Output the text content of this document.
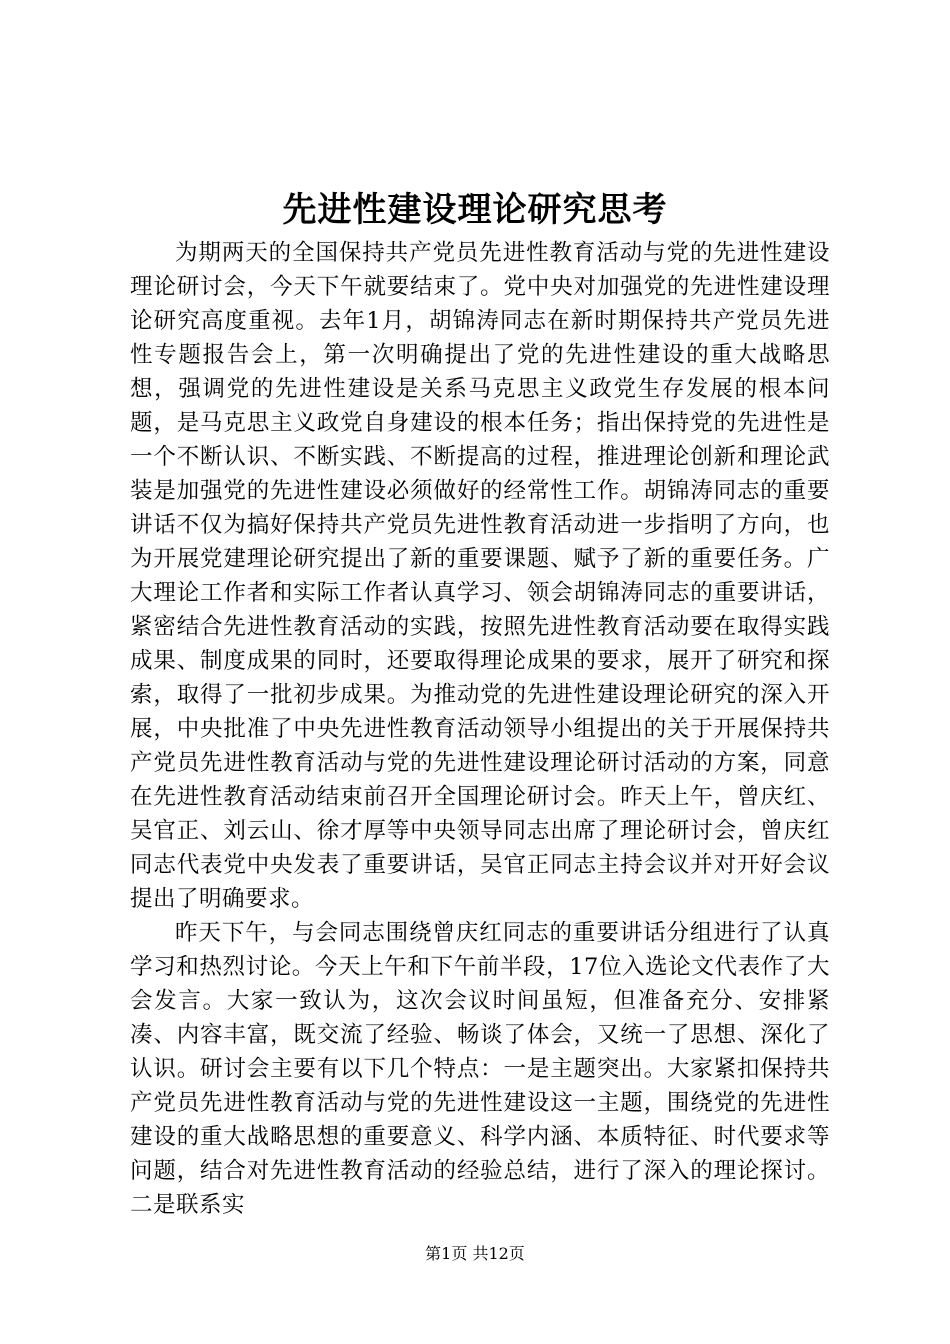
先进性建设理论研究思考

为期两天的全国保持共产党员先进性教育活动与党的先进性建设理论研讨会，今天下午就要结束了。党中央对加强党的先进性建设理论研究高度重视。去年1月，胡锦涛同志在新时期保持共产党员先进性专题报告会上，第一次明确提出了党的先进性建设的重大战略思想，强调党的先进性建设是关系马克思主义政党生存发展的根本问题，是马克思主义政党自身建设的根本任务；指出保持党的先进性是一个不断认识、不断实践、不断提高的过程，推进理论创新和理论武装是加强党的先进性建设必须做好的经常性工作。胡锦涛同志的重要讲话不仅为搞好保持共产党员先进性教育活动进一步指明了方向，也为开展党建理论研究提出了新的重要课题、赋予了新的重要任务。广大理论工作者和实际工作者认真学习、领会胡锦涛同志的重要讲话，紧密结合先进性教育活动的实践，按照先进性教育活动要在取得实践成果、制度成果的同时，还要取得理论成果的要求，展开了研究和探索，取得了一批初步成果。为推动党的先进性建设理论研究的深入开展，中央批准了中央先进性教育活动领导小组提出的关于开展保持共产党员先进性教育活动与党的先进性建设理论研讨活动的方案，同意在先进性教育活动结束前召开全国理论研讨会。昨天上午，曾庆红、吴官正、刘云山、徐才厚等中央领导同志出席了理论研讨会，曾庆红同志代表党中央发表了重要讲话，吴官正同志主持会议并对开好会议提出了明确要求。

昨天下午，与会同志围绕曾庆红同志的重要讲话分组进行了认真学习和热烈讨论。今天上午和下午前半段，17位入选论文代表作了大会发言。大家一致认为，这次会议时间虽短，但准备充分、安排紧凑、内容丰富，既交流了经验、畅谈了体会，又统一了思想、深化了认识。研讨会主要有以下几个特点：一是主题突出。大家紧扣保持共产党员先进性教育活动与党的先进性建设这一主题，围绕党的先进性建设的重大战略思想的重要意义、科学内涵、本质特征、时代要求等问题，结合对先进性教育活动的经验总结，进行了深入的理论探讨。二是联系实

第1页 共12页
